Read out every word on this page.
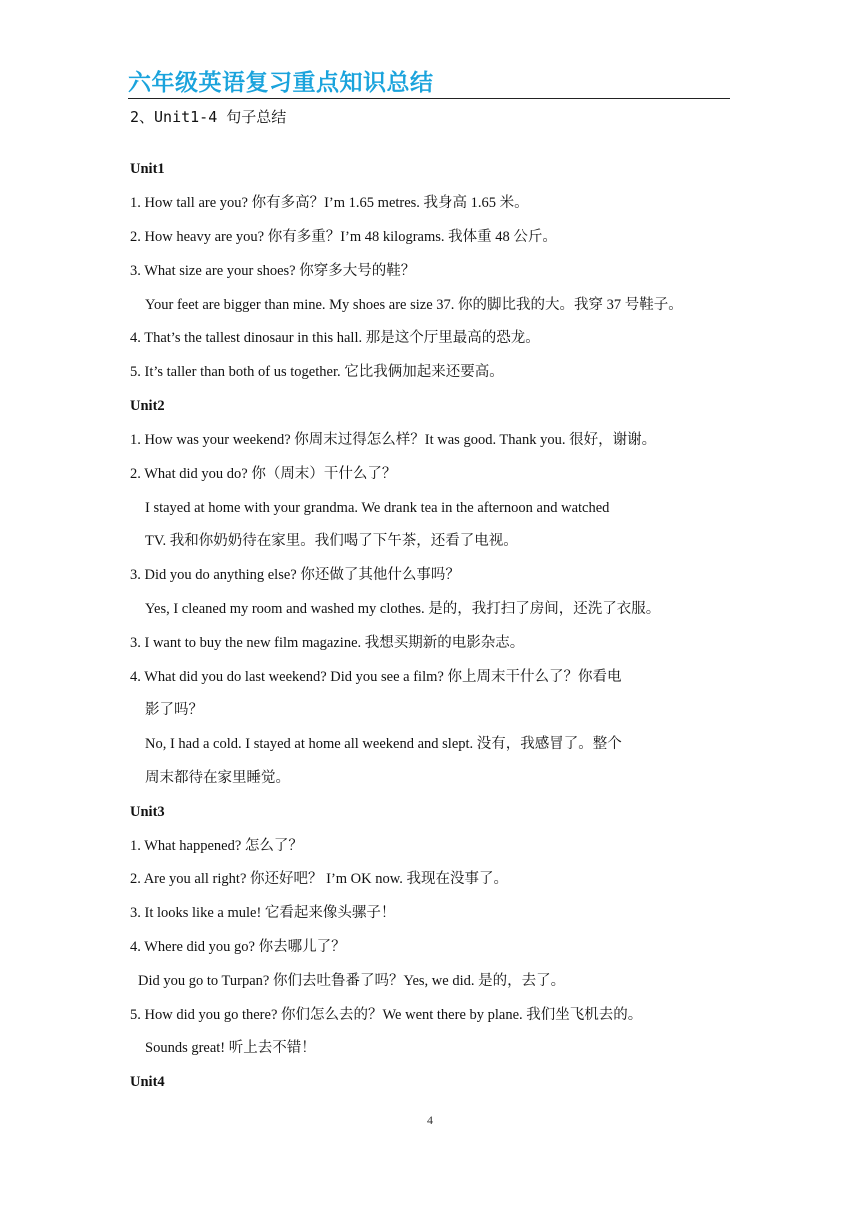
六年级英语复习重点知识总结
2、Unit1-4 句子总结
Unit1
1. How tall are you? 你有多高？I’m 1.65 metres. 我身高 1.65 米。
2. How heavy are you? 你有多重？I’m 48 kilograms. 我体重 48 公斤。
3. What size are your shoes? 你穿多大号的鞋？
Your feet are bigger than mine. My shoes are size 37. 你的脚比我的大。我穿 37 号鞋子。
4. That’s the tallest dinosaur in this hall. 那是这个厅里最高的恐龙。
5. It’s taller than both of us together. 它比我俩加起来还要高。
Unit2
1. How was your weekend? 你周末过得怎么样？It was good. Thank you. 很好，谢谢。
2. What did you do? 你（周末）干什么了？
I stayed at home with your grandma. We drank tea in the afternoon and watched
TV. 我和你奶奶待在家里。我们喝了下午茶，还看了电视。
3. Did you do anything else? 你还做了其他什么事吗？
Yes, I cleaned my room and washed my clothes. 是的，我打扫了房间，还洗了衣服。
3. I want to buy the new film magazine. 我想买期新的电影杂志。
4. What did you do last weekend? Did you see a film? 你上周末干什么了？你看电
影了吗？
No, I had a cold. I stayed at home all weekend and slept. 没有，我感冒了。整个
周末都待在家里睡觉。
Unit3
1. What happened? 怎么了？
2. Are you all right? 你还好吧？ I’m OK now. 我现在没事了。
3. It looks like a mule! 它看起来像头骡子！
4. Where did you go? 你去哪儿了？
Did you go to Turpan? 你们去吐鲁番了吗？Yes, we did. 是的，去了。
5. How did you go there? 你们怎么去的？We went there by plane. 我们坐飞机去的。
Sounds great! 听上去不错！
Unit4
4
